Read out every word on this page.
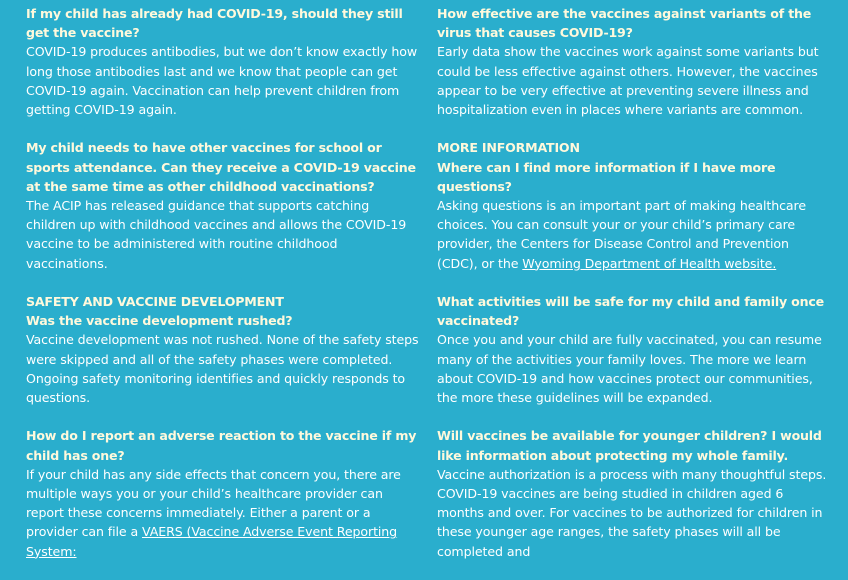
If my child has already had COVID-19, should they still get the vaccine?
COVID-19 produces antibodies, but we don’t know exactly how long those antibodies last and we know that people can get COVID-19 again. Vaccination can help prevent children from getting COVID-19 again.
My child needs to have other vaccines for school or sports attendance. Can they receive a COVID-19 vaccine at the same time as other childhood vaccinations?
The ACIP has released guidance that supports catching children up with childhood vaccines and allows the COVID-19 vaccine to be administered with routine childhood vaccinations.
SAFETY AND VACCINE DEVELOPMENT
Was the vaccine development rushed?
Vaccine development was not rushed. None of the safety steps were skipped and all of the safety phases were completed. Ongoing safety monitoring identifies and quickly responds to questions.
How do I report an adverse reaction to the vaccine if my child has one?
If your child has any side effects that concern you, there are multiple ways you or your child’s healthcare provider can report these concerns immediately. Either a parent or a provider can file a VAERS (Vaccine Adverse Event Reporting System:
How effective are the vaccines against variants of the virus that causes COVID-19?
Early data show the vaccines work against some variants but could be less effective against others. However, the vaccines appear to be very effective at preventing severe illness and hospitalization even in places where variants are common.
MORE INFORMATION
Where can I find more information if I have more questions?
Asking questions is an important part of making healthcare choices. You can consult your or your child’s primary care provider, the Centers for Disease Control and Prevention (CDC), or the Wyoming Department of Health website.
What activities will be safe for my child and family once vaccinated?
Once you and your child are fully vaccinated, you can resume many of the activities your family loves. The more we learn about COVID-19 and how vaccines protect our communities, the more these guidelines will be expanded.
Will vaccines be available for younger children? I would like information about protecting my whole family.
Vaccine authorization is a process with many thoughtful steps. COVID-19 vaccines are being studied in children aged 6 months and over. For vaccines to be authorized for children in these younger age ranges, the safety phases will all be completed and
